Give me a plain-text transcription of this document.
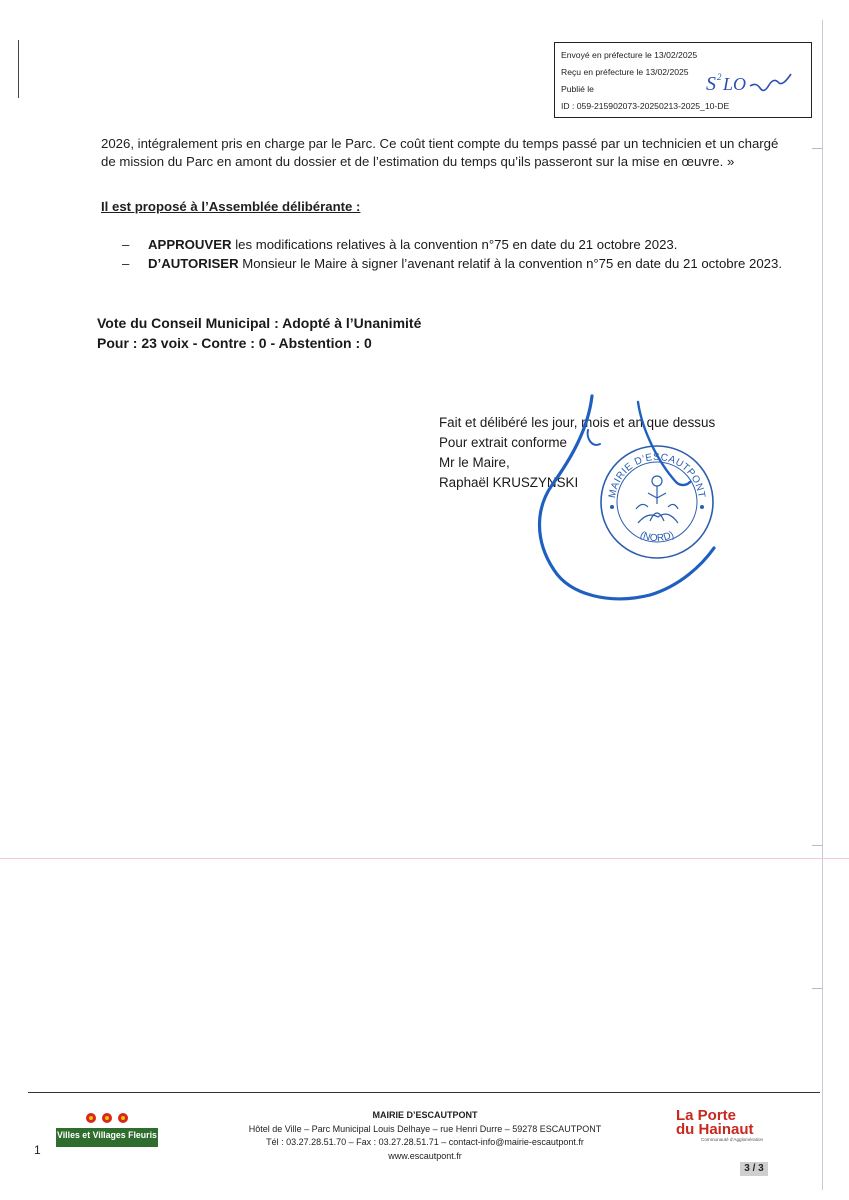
Envoyé en préfecture le 13/02/2025
Reçu en préfecture le 13/02/2025
Publié le
ID : 059-215902073-20250213-2025_10-DE
S 2 LO
2026, intégralement pris en charge par le Parc. Ce coût tient compte du temps passé par un technicien et un chargé
de mission du Parc en amont du dossier et de l’estimation du temps qu’ils passeront sur la mise en œuvre. »
Il est proposé à l’Assemblée délibérante :
– APPROUVER les modifications relatives à la convention n°75 en date du 21 octobre 2023.
– D’AUTORISER Monsieur le Maire à signer l’avenant relatif à la convention n°75 en date du 21 octobre 2023.
Vote du Conseil Municipal : Adopté à l’Unanimité
Pour : 23 voix - Contre : 0 - Abstention : 0
Fait et délibéré les jour, mois et an que dessus
Pour extrait conforme
Mr le Maire,
Raphaël KRUSZYNSKI
MAIRIE D’ESCAUTPONT
(NORD)
Villes et Villages Fleuris
MAIRIE D’ESCAUTPONT
Hôtel de Ville – Parc Municipal Louis Delhaye – rue Henri Durre – 59278 ESCAUTPONT
Tél : 03.27.28.51.70 – Fax : 03.27.28.51.71 – contact-info@mairie-escautpont.fr
www.escautpont.fr
La Porte
du Hainaut
Communauté d’Agglomération
3 / 3
1
